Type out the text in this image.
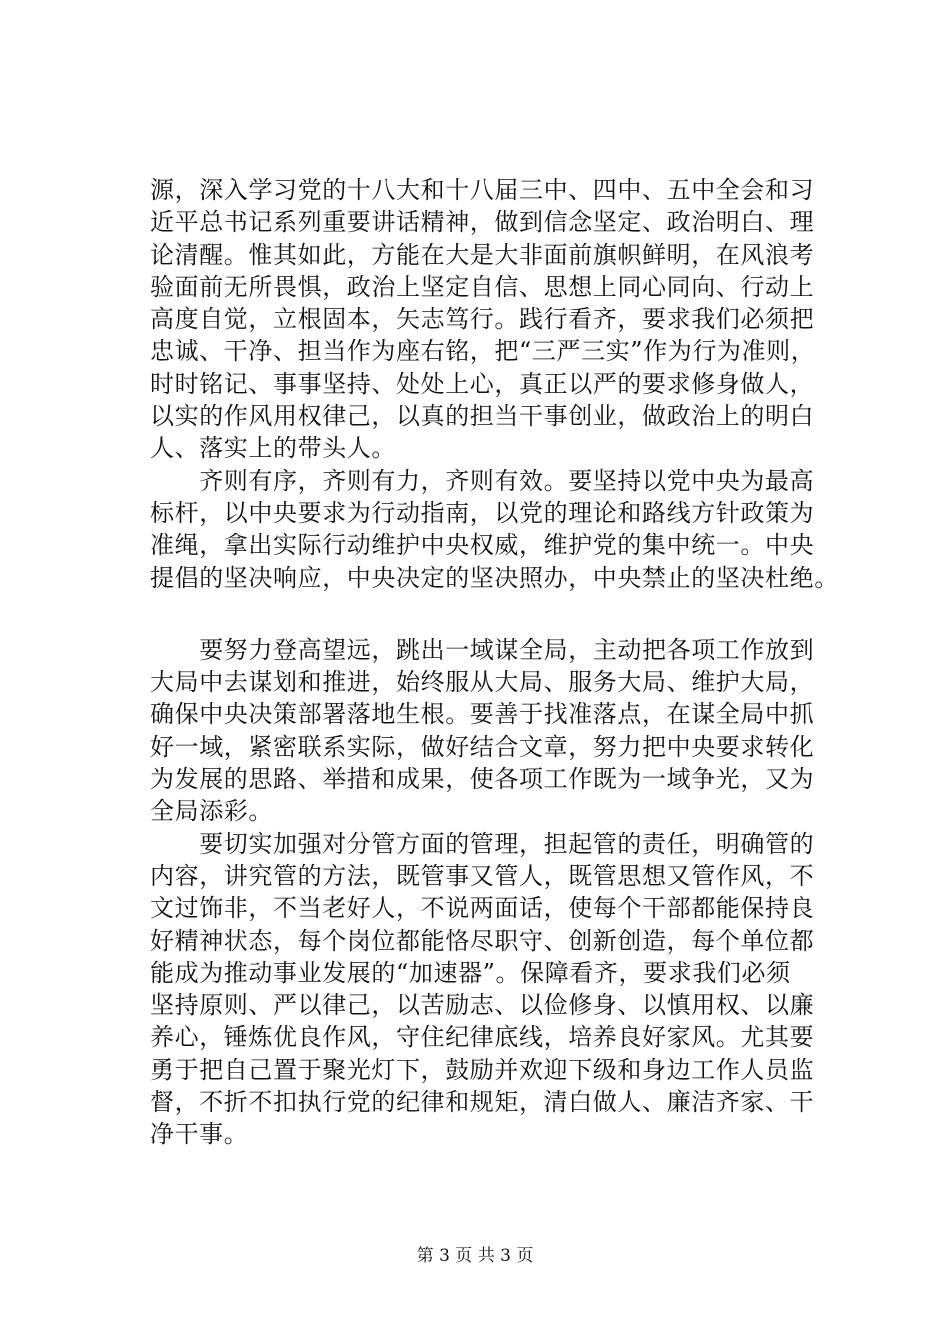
源，深入学习党的十八大和十八届三中、四中、五中全会和习
近平总书记系列重要讲话精神，做到信念坚定、政治明白、理
论清醒。惟其如此，方能在大是大非面前旗帜鲜明，在风浪考
验面前无所畏惧，政治上坚定自信、思想上同心同向、行动上
高度自觉，立根固本，矢志笃行。践行看齐，要求我们必须把
忠诚、干净、担当作为座右铭，把“三严三实”作为行为准则，
时时铭记、事事坚持、处处上心，真正以严的要求修身做人，
以实的作风用权律己，以真的担当干事创业，做政治上的明白
人、落实上的带头人。
　　齐则有序，齐则有力，齐则有效。要坚持以党中央为最高
标杆，以中央要求为行动指南，以党的理论和路线方针政策为
准绳，拿出实际行动维护中央权威，维护党的集中统一。中央
提倡的坚决响应，中央决定的坚决照办，中央禁止的坚决杜绝。
　　要努力登高望远，跳出一域谋全局，主动把各项工作放到
大局中去谋划和推进，始终服从大局、服务大局、维护大局，
确保中央决策部署落地生根。要善于找准落点，在谋全局中抓
好一域，紧密联系实际，做好结合文章，努力把中央要求转化
为发展的思路、举措和成果，使各项工作既为一域争光，又为
全局添彩。
　　要切实加强对分管方面的管理，担起管的责任，明确管的
内容，讲究管的方法，既管事又管人，既管思想又管作风，不
文过饰非，不当老好人，不说两面话，使每个干部都能保持良
好精神状态，每个岗位都能恪尽职守、创新创造，每个单位都
能成为推动事业发展的“加速器”。保障看齐，要求我们必须
坚持原则、严以律己，以苦励志、以俭修身、以慎用权、以廉
养心，锤炼优良作风，守住纪律底线，培养良好家风。尤其要
勇于把自己置于聚光灯下，鼓励并欢迎下级和身边工作人员监
督，不折不扣执行党的纪律和规矩，清白做人、廉洁齐家、干
净干事。
第 3 页 共 3 页
